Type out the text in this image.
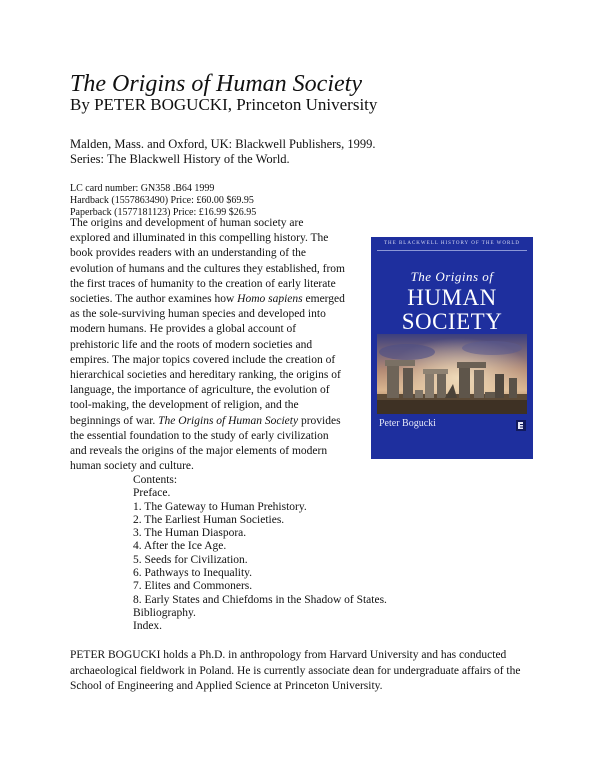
The Origins of Human Society
By PETER BOGUCKI, Princeton University
Malden, Mass. and Oxford, UK: Blackwell Publishers, 1999.
Series: The Blackwell History of the World.
LC card number: GN358 .B64 1999
Hardback (1557863490) Price: £60.00 $69.95
Paperback (1577181123) Price: £16.99 $26.95

The origins and development of human society are explored and illuminated in this compelling history. The book provides readers with an understanding of the evolution of humans and the cultures they established, from the first traces of humanity to the creation of early literate societies. The author examines how Homo sapiens emerged as the sole-surviving human species and developed into modern humans. He provides a global account of prehistoric life and the roots of modern societies and empires. The major topics covered include the creation of hierarchical societies and hereditary ranking, the origins of language, the importance of agriculture, the evolution of tool-making, the development of religion, and the beginnings of war. The Origins of Human Society provides the essential foundation to the study of early civilization and reveals the origins of the major elements of modern human society and culture.

THE BLACKWELL HISTORY OF THE WORLD
The Origins of
HUMAN
SOCIETY
Peter Bogucki
Contents:
Preface.
1. The Gateway to Human Prehistory.
2. The Earliest Human Societies.
3. The Human Diaspora.
4. After the Ice Age.
5. Seeds for Civilization.
6. Pathways to Inequality.
7. Elites and Commoners.
8. Early States and Chiefdoms in the Shadow of States.
Bibliography.
Index.

PETER BOGUCKI holds a Ph.D. in anthropology from Harvard University and has conducted archaeological fieldwork in Poland. He is currently associate dean for undergraduate affairs of the School of Engineering and Applied Science at Princeton University.
